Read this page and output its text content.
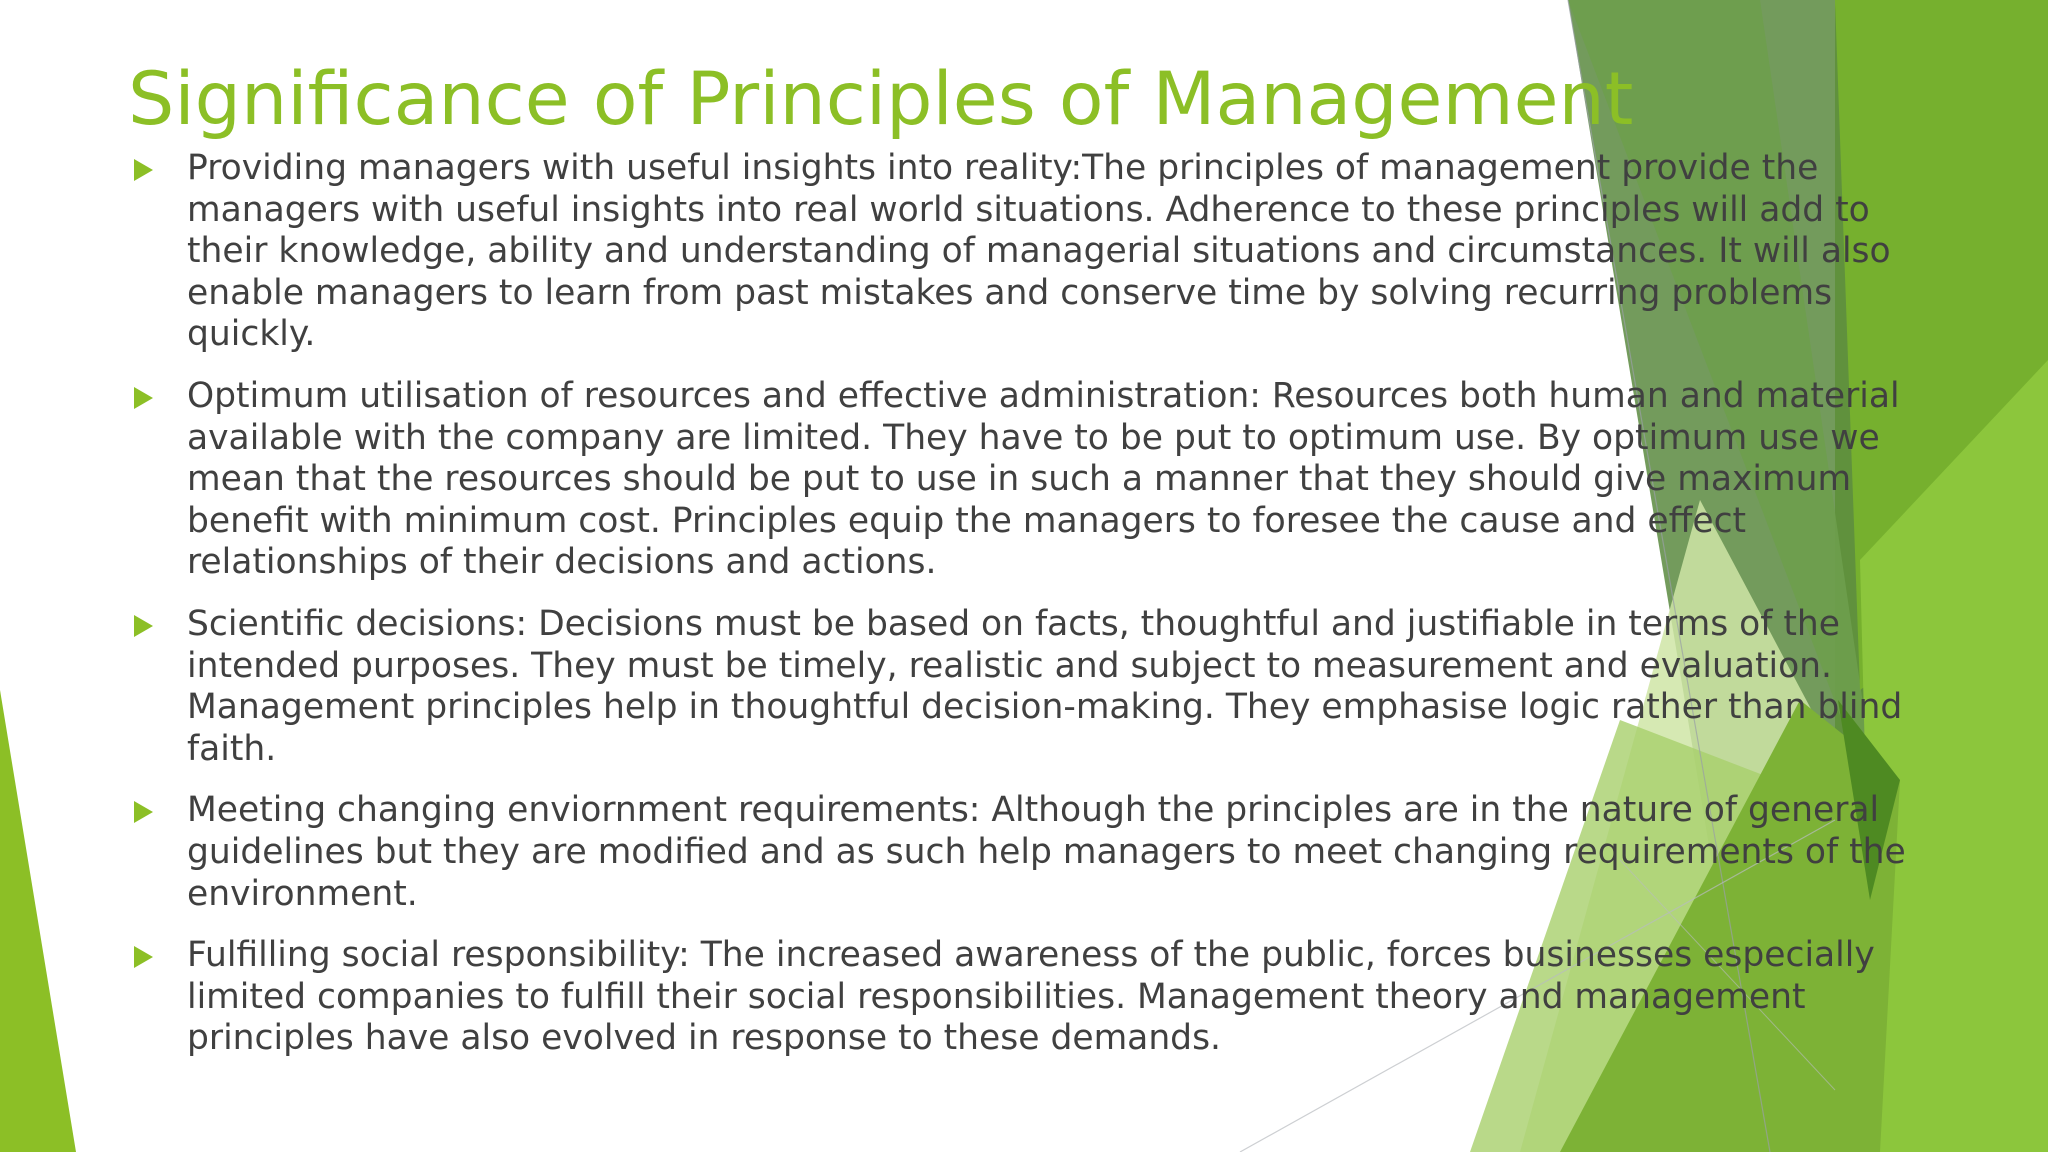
Significance of Principles of Management
Providing managers with useful insights into reality:The principles of management provide the managers with useful insights into real world situations. Adherence to these principles will add to their knowledge, ability and understanding of managerial situations and circumstances. It will also enable managers to learn from past mistakes and conserve time by solving recurring problems quickly.
Optimum utilisation of resources and effective administration: Resources both human and material available with the company are limited. They have to be put to optimum use. By optimum use we mean that the resources should be put to use in such a manner that they should give maximum benefit with minimum cost. Principles equip the managers to foresee the cause and effect relationships of their decisions and actions.
Scientific decisions: Decisions must be based on facts, thoughtful and justifiable in terms of the intended purposes. They must be timely, realistic and subject to measurement and evaluation. Management principles help in thoughtful decision-making. They emphasise logic rather than blind faith.
Meeting changing enviornment requirements: Although the principles are in the nature of general guidelines but they are modified and as such help managers to meet changing requirements of the environment.
Fulfilling social responsibility: The increased awareness of the public, forces businesses especially limited companies to fulfill their social responsibilities. Management theory and management principles have also evolved in response to these demands.
